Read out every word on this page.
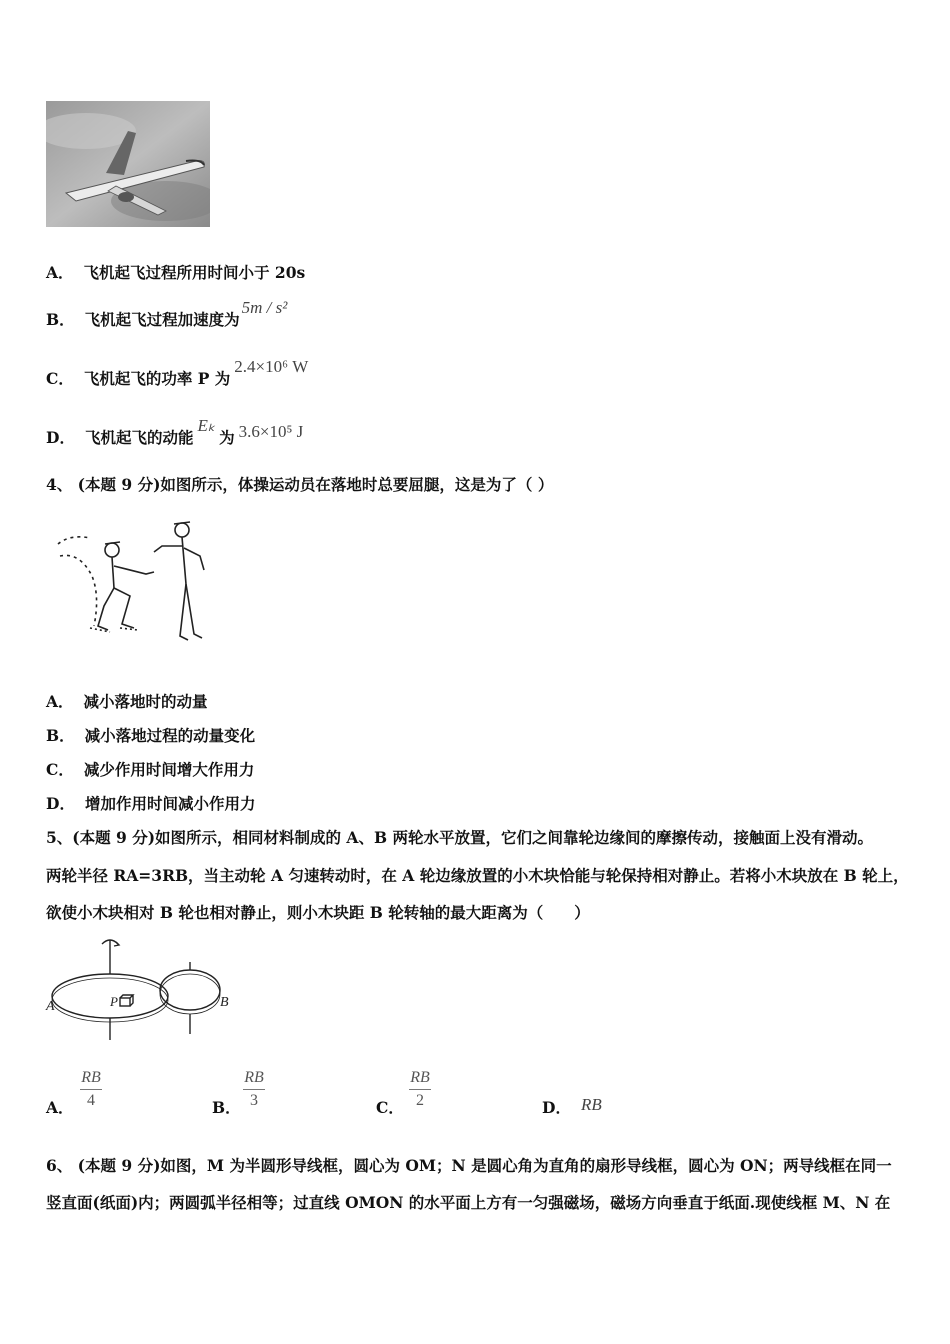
A． 飞机起飞过程所用时间小于 20s
B． 飞机起飞过程加速度为5m / s²
C． 飞机起飞的功率 P 为2.4×10⁶ W
D． 飞机起飞的动能Eₖ为 3.6×10⁵ J
4、 (本题 9 分)如图所示，体操运动员在落地时总要屈腿，这是为了（ ）
A． 减小落地时的动量
B． 减小落地过程的动量变化
C． 减少作用时间增大作用力
D． 增加作用时间减小作用力
5、(本题 9 分)如图所示，相同材料制成的 A、B 两轮水平放置，它们之间靠轮边缘间的摩擦传动，接触面上没有滑动。
两轮半径 RA=3RB，当主动轮 A 匀速转动时，在 A 轮边缘放置的小木块恰能与轮保持相对静止。若将小木块放在 B 轮上，
欲使小木块相对 B 轮也相对静止，则小木块距 B 轮转轴的最大距离为（　　）
A	B
P
A．
RB
4	B．
RB
3	C．
RB
2	D． RB
6、 (本题 9 分)如图，M 为半圆形导线框，圆心为 OM；N 是圆心角为直角的扇形导线框，圆心为 ON；两导线框在同一
竖直面(纸面)内；两圆弧半径相等；过直线 OMON 的水平面上方有一匀强磁场，磁场方向垂直于纸面.现使线框 M、N 在
